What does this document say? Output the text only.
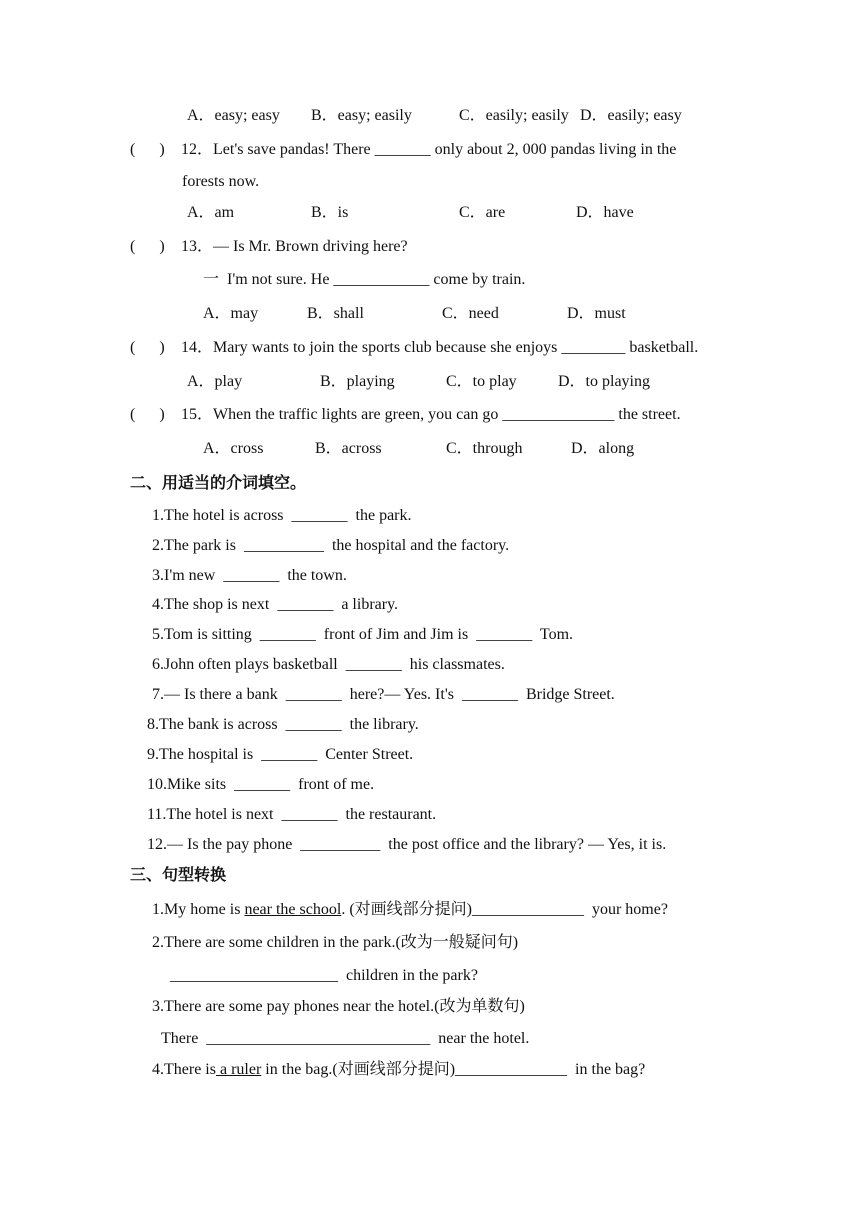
A．easy; easy B．easy; easily	C．easily; easily D．easily; easy
(      ) 12．Let's save pandas! There _______ only about 2, 000 pandas living in the
forests now.
A．am	B．is	C．are	D．have
(      ) 13．— Is Mr. Brown driving here?
一  I'm not sure. He ____________ come by train.
A．may	B．shall	C．need	D．must
(      ) 14．Mary wants to join the sports club because she enjoys ________ basketball.
A．play	B．playing	C．to play	D．to playing
(      ) 15．When the traffic lights are green, you can go ______________ the street.
A．cross	B．across	C．through	D．along
二、用适当的介词填空。
1.The hotel is across  _______  the park.
2.The park is  __________  the hospital and the factory.
3.I'm new  _______  the town.
4.The shop is next  _______  a library.
5.Tom is sitting  _______  front of Jim and Jim is  _______  Tom.
6.John often plays basketball  _______  his classmates.
7.— Is there a bank  _______  here?— Yes. It's  _______  Bridge Street.
8.The bank is across  _______  the library.
9.The hospital is  _______  Center Street.
10.Mike sits  _______  front of me.
11.The hotel is next  _______  the restaurant.
12.— Is the pay phone  __________  the post office and the library? — Yes, it is.
三、句型转换
1.My home is near the school. (对画线部分提问)______________  your home?
2.There are some children in the park.(改为一般疑问句)
_____________________  children in the park?
3.There are some pay phones near the hotel.(改为单数句)
There  ____________________________  near the hotel.
4.There is a ruler in the bag.(对画线部分提问)______________  in the bag?
